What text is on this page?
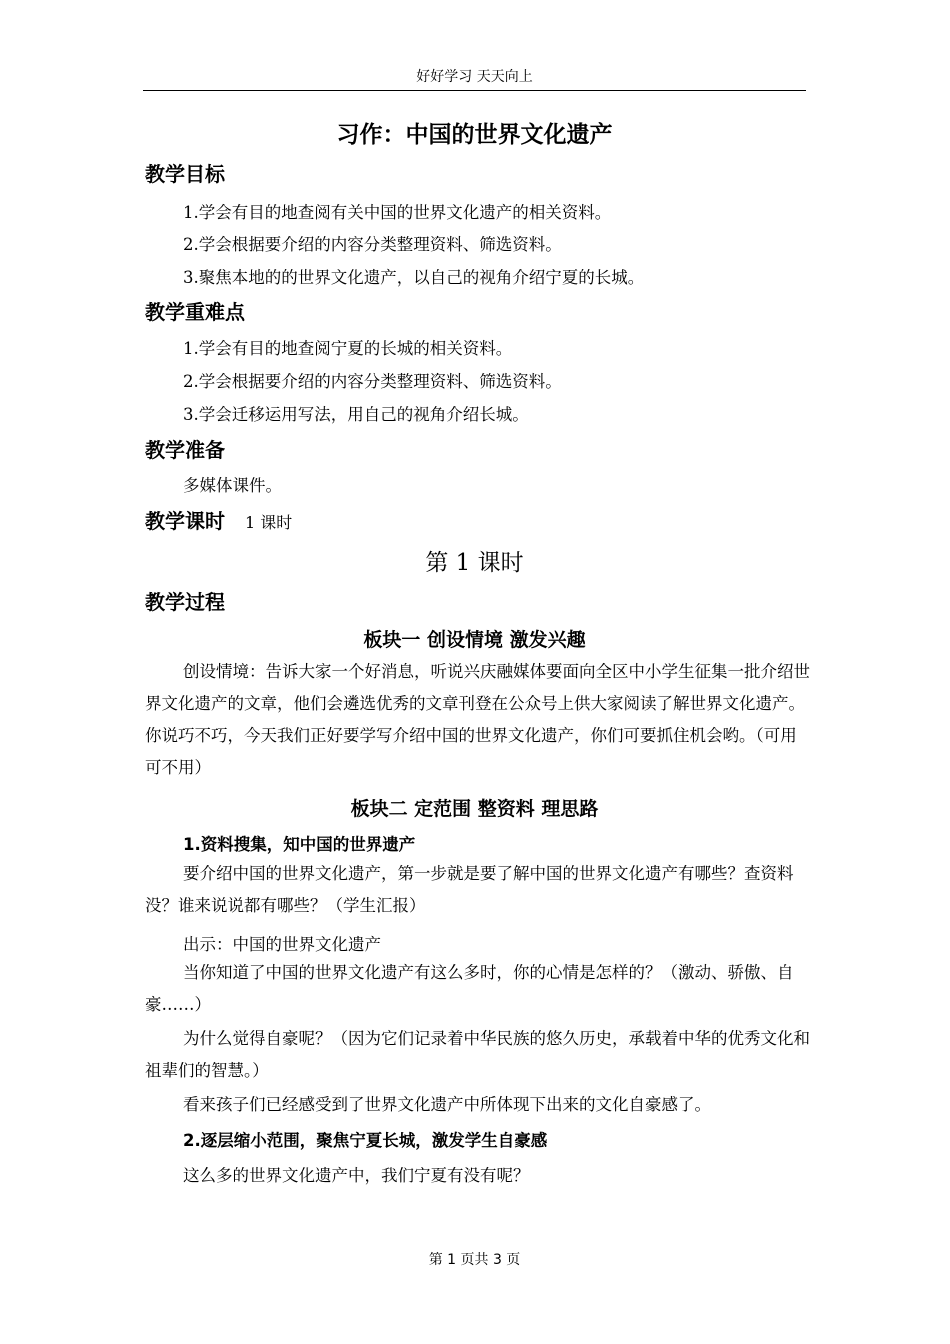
好好学习 天天向上
习作：中国的世界文化遗产
教学目标
1.学会有目的地查阅有关中国的世界文化遗产的相关资料。
2.学会根据要介绍的内容分类整理资料、筛选资料。
3.聚焦本地的的世界文化遗产，以自己的视角介绍宁夏的长城。
教学重难点
1.学会有目的地查阅宁夏的长城的相关资料。
2.学会根据要介绍的内容分类整理资料、筛选资料。
3.学会迁移运用写法，用自己的视角介绍长城。
教学准备
多媒体课件。
教学课时 1 课时
第 1 课时
教学过程
板块一 创设情境 激发兴趣
创设情境：告诉大家一个好消息，听说兴庆融媒体要面向全区中小学生征集一批介绍世界文化遗产的文章，他们会遴选优秀的文章刊登在公众号上供大家阅读了解世界文化遗产。你说巧不巧，今天我们正好要学写介绍中国的世界文化遗产，你们可要抓住机会哟。（可用可不用）
板块二 定范围 整资料 理思路
1.资料搜集，知中国的世界遗产
要介绍中国的世界文化遗产，第一步就是要了解中国的世界文化遗产有哪些？查资料没？谁来说说都有哪些？（学生汇报）
出示：中国的世界文化遗产
当你知道了中国的世界文化遗产有这么多时，你的心情是怎样的？（激动、骄傲、自豪……）
为什么觉得自豪呢？（因为它们记录着中华民族的悠久历史，承载着中华的优秀文化和祖辈们的智慧。）
看来孩子们已经感受到了世界文化遗产中所体现下出来的文化自豪感了。
2.逐层缩小范围，聚焦宁夏长城，激发学生自豪感
这么多的世界文化遗产中，我们宁夏有没有呢？
第 1 页共 3 页
